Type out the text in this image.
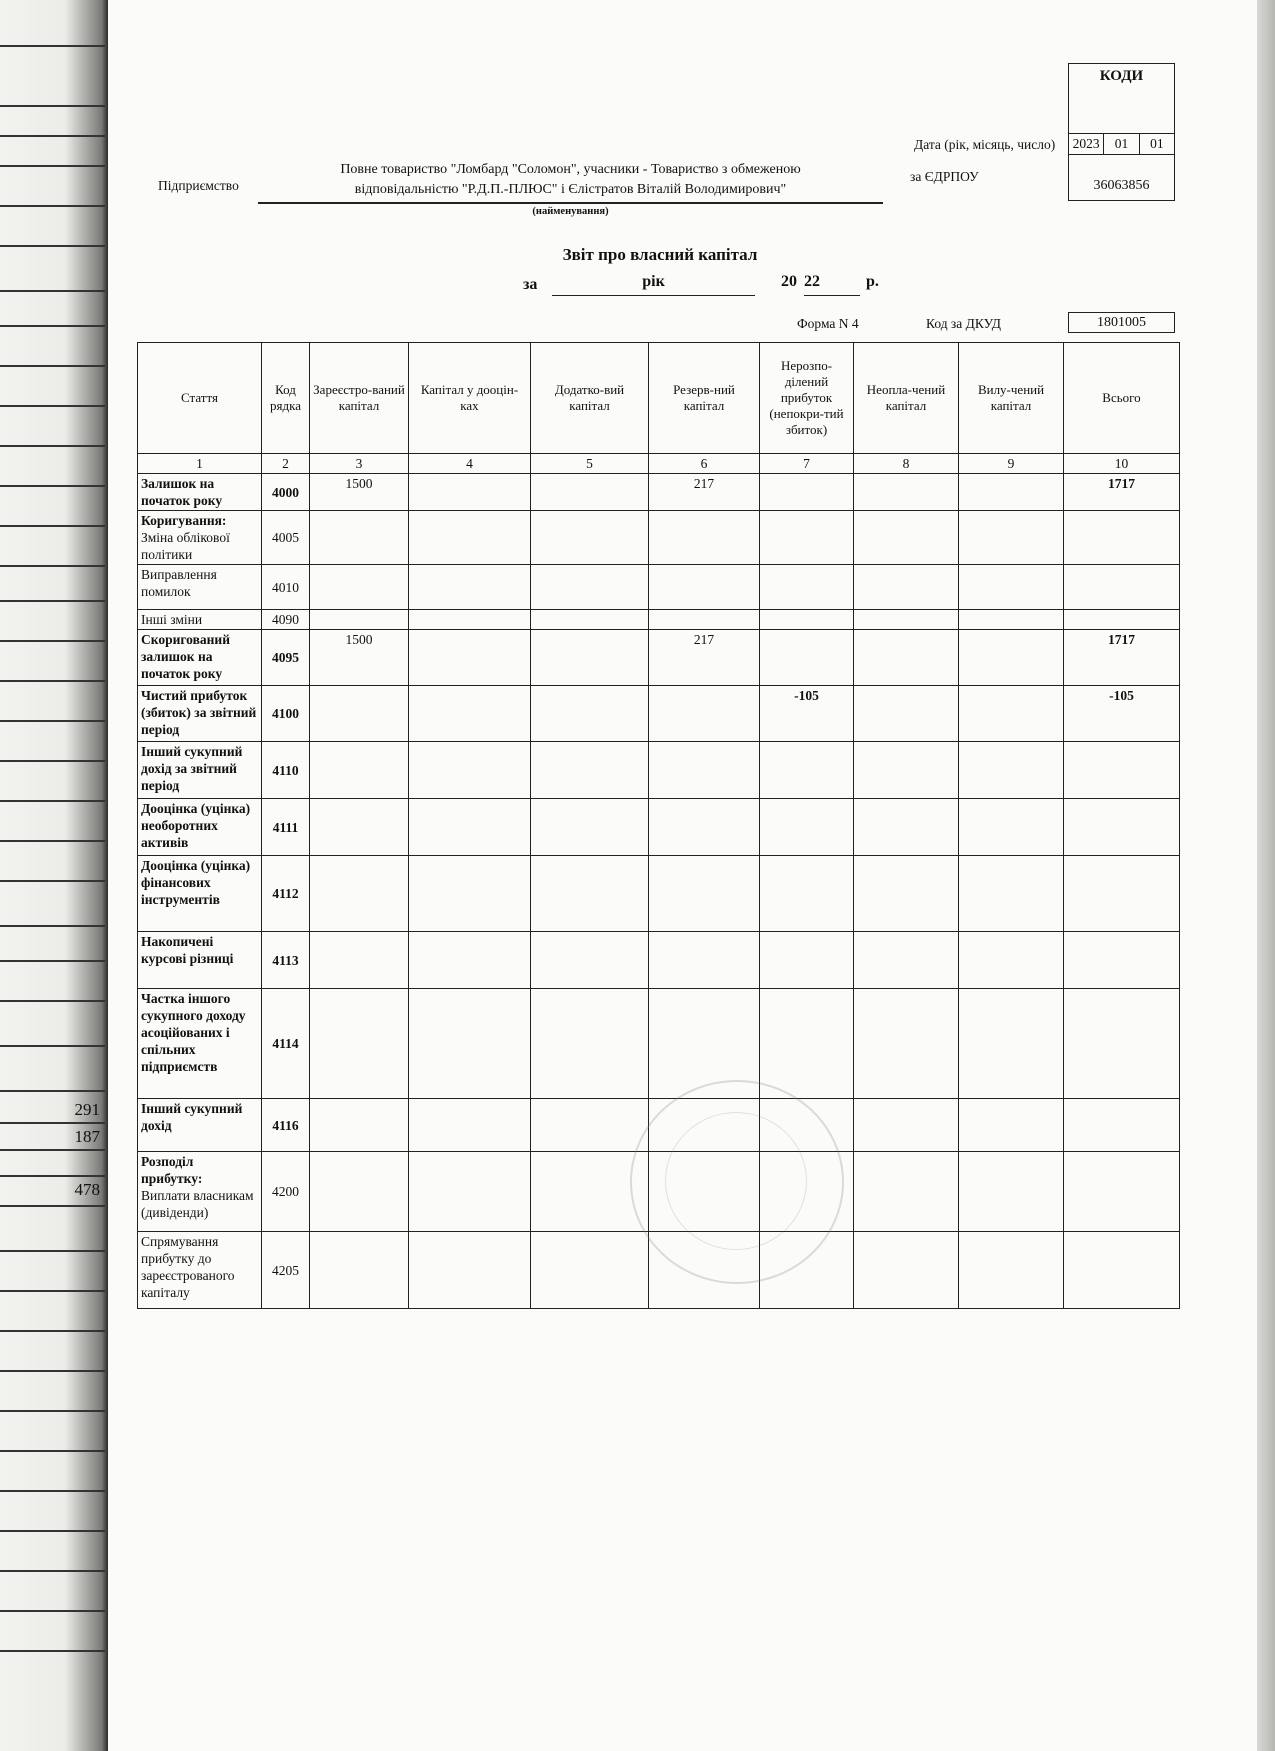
291
187
478
КОДИ
2023	01	01
36063856
Дата (рік, місяць, число)
за ЄДРПОУ
Підприємство
Повне товариство "Ломбард "Соломон", учасники - Товариство з обмеженою
відповідальністю "Р.Д.П.-ПЛЮС" і Єлістратов Віталій Володимирович"
(найменування)
Звіт про власний капітал
за	рік	20 22	р.
Форма N 4	Код за ДКУД	1801005
Стаття	Код рядка	Зареєстро-ваний капітал	Капітал у дооцін-ках	Додатко-вий капітал	Резерв-ний капітал	Нерозпо-ділений прибуток (непокри-тий збиток)	Неопла-чений капітал	Вилу-чений капітал	Всього
1	2	3	4	5	6	7	8	9	10

Залишок на початок року	4000	1500			217				1717

Коригування:
Зміна облікової політики	4005								

Виправлення помилок	4010								

Інші зміни	4090								

Скоригований залишок на початок року	4095	1500			217				1717

Чистий прибуток (збиток) за звітний період	4100					-105			-105

Інший сукупний дохід за звітний період	4110								

Дооцінка (уцінка) необоротних активів	4111								

Дооцінка (уцінка) фінансових інструментів	4112								

Накопичені курсові різниці	4113								

Частка іншого сукупного доходу асоційованих і спільних підприємств	4114								

Інший сукупний дохід	4116								

Розподіл прибутку:
Виплати власникам (дивіденди)	4200								

Спрямування прибутку до зареєстрованого капіталу	4205								
